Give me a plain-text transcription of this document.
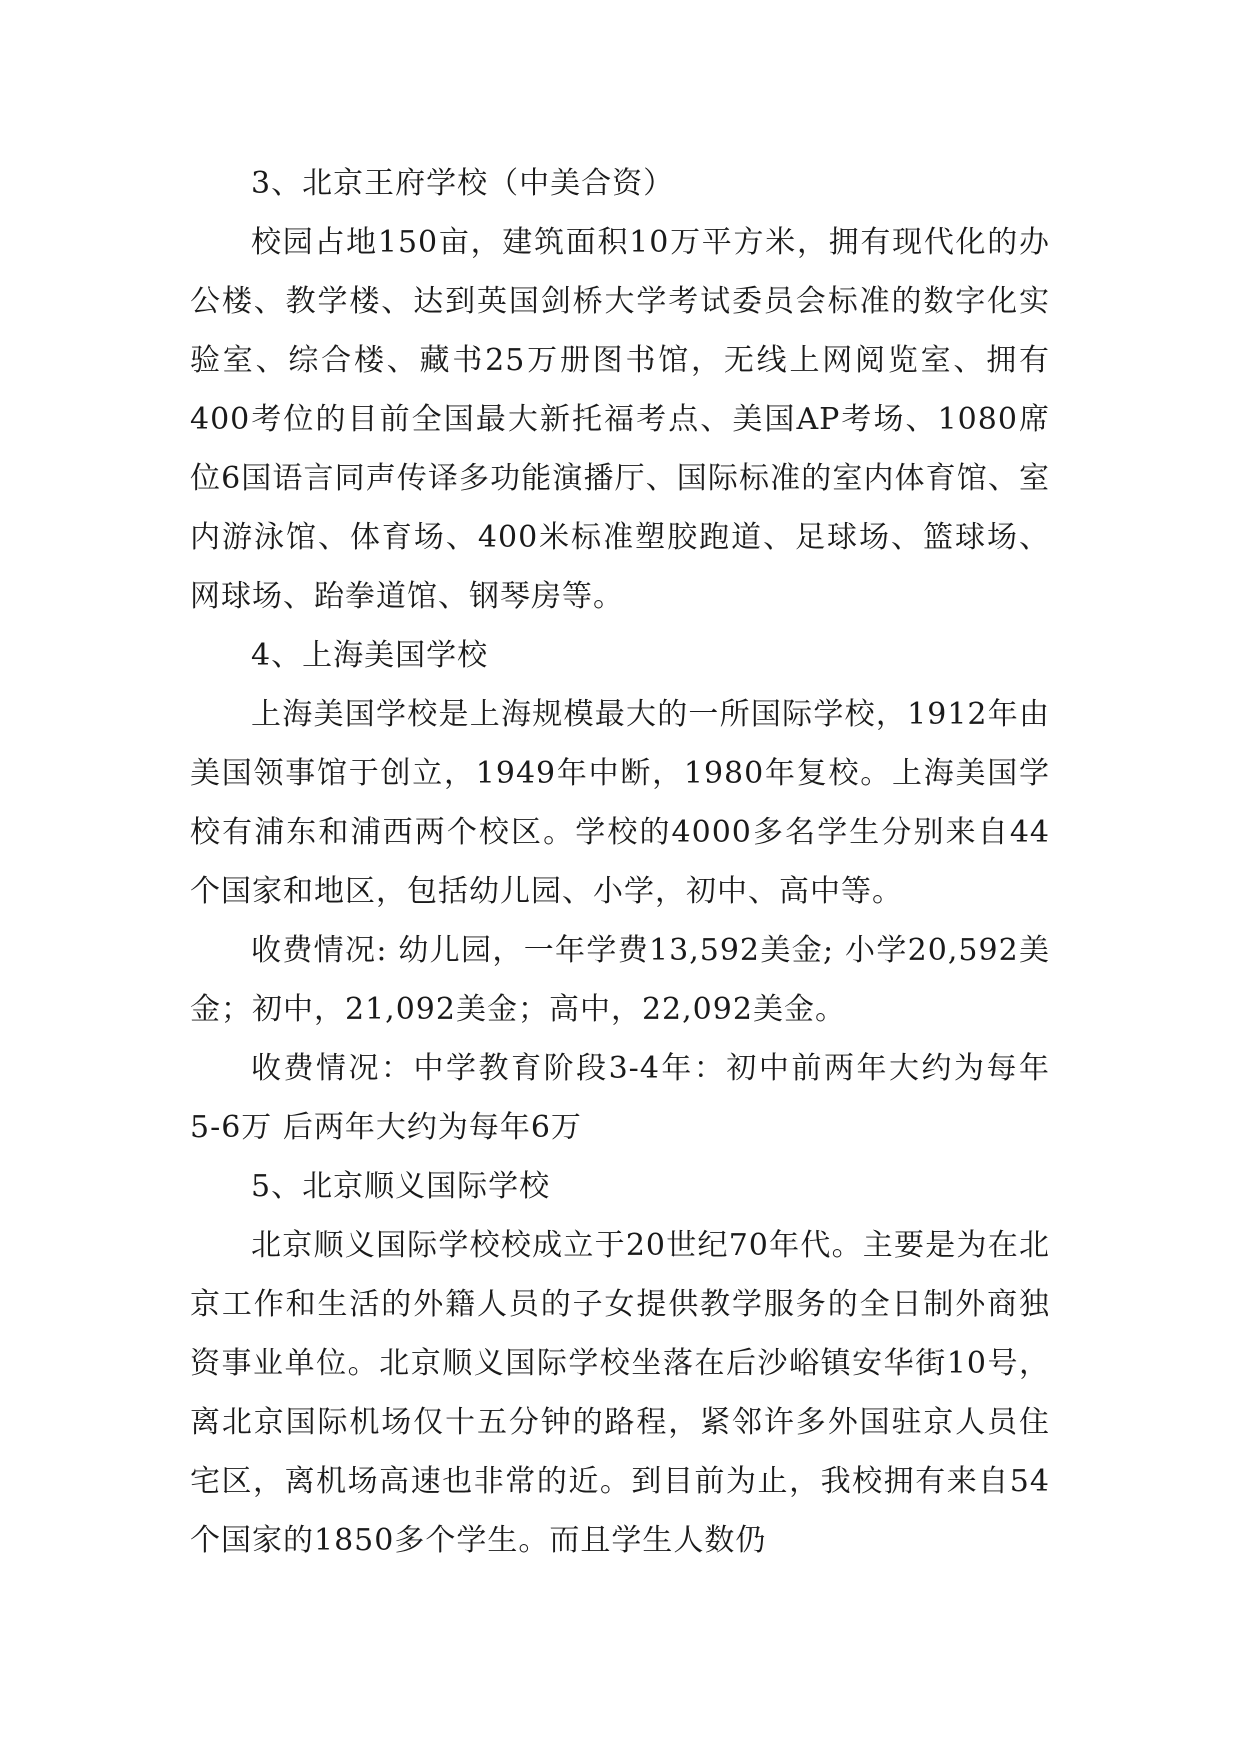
3、北京王府学校（中美合资）

校园占地150亩，建筑面积10万平方米，拥有现代化的办公楼、教学楼、达到英国剑桥大学考试委员会标准的数字化实验室、综合楼、藏书25万册图书馆，无线上网阅览室、拥有400考位的目前全国最大新托福考点、美国AP考场、1080席位6国语言同声传译多功能演播厅、国际标准的室内体育馆、室内游泳馆、体育场、400米标准塑胶跑道、足球场、篮球场、网球场、跆拳道馆、钢琴房等。

4、上海美国学校

上海美国学校是上海规模最大的一所国际学校，1912年由美国领事馆于创立，1949年中断，1980年复校。上海美国学校有浦东和浦西两个校区。学校的4000多名学生分别来自44个国家和地区，包括幼儿园、小学，初中、高中等。

收费情况: 幼儿园，一年学费13,592美金; 小学20,592美金；初中，21,092美金；高中，22,092美金。

收费情况：中学教育阶段3-4年：初中前两年大约为每年 5-6万 后两年大约为每年6万

5、北京顺义国际学校

北京顺义国际学校校成立于20世纪70年代。主要是为在北京工作和生活的外籍人员的子女提供教学服务的全日制外商独资事业单位。北京顺义国际学校坐落在后沙峪镇安华街10号，离北京国际机场仅十五分钟的路程，紧邻许多外国驻京人员住宅区，离机场高速也非常的近。到目前为止，我校拥有来自54个国家的1850多个学生。而且学生人数仍
